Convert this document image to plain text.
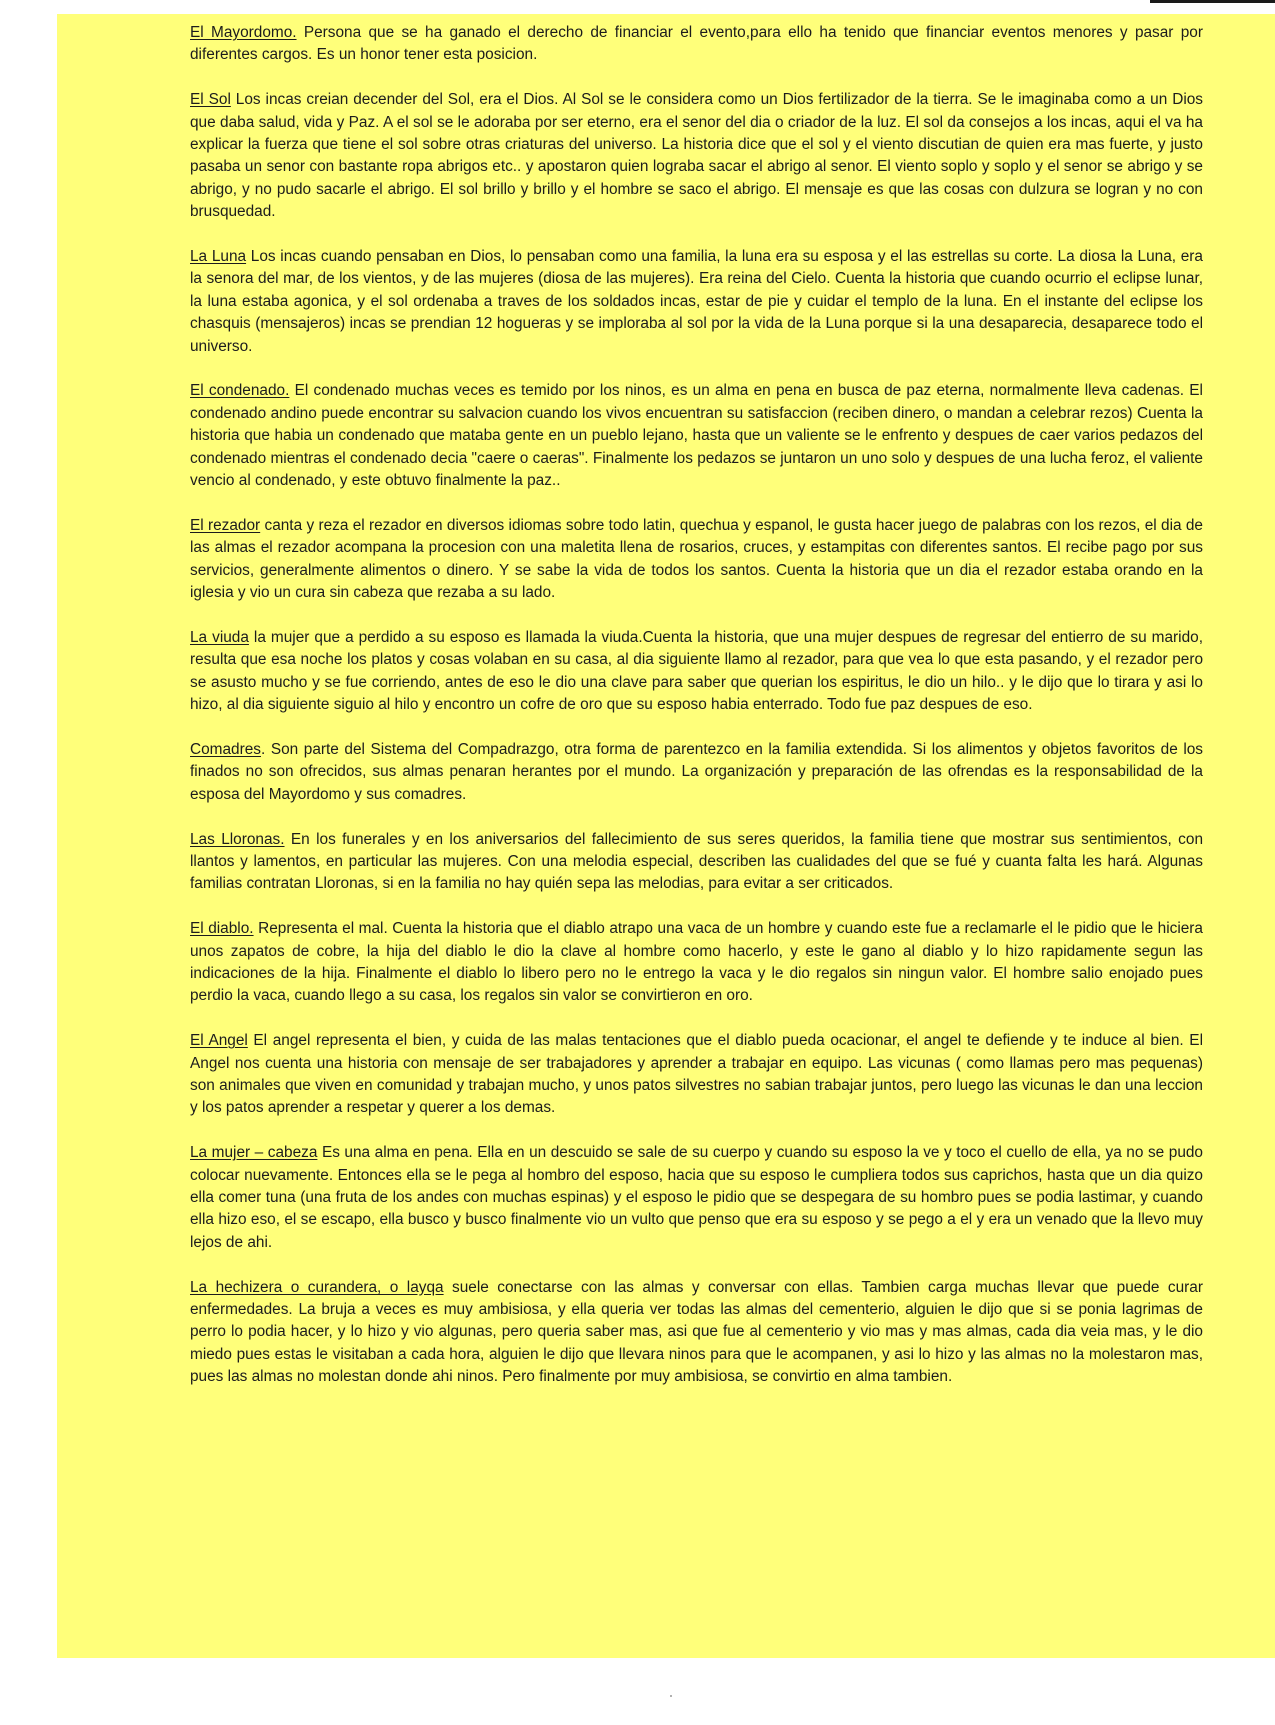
El Mayordomo. Persona que se ha ganado el derecho de financiar el evento,para ello ha tenido que financiar eventos menores y pasar por diferentes cargos. Es un honor tener esta posicion.

El Sol Los incas creian decender del Sol, era el Dios. Al Sol se le considera como un Dios fertilizador de la tierra. Se le imaginaba como a un Dios que daba salud, vida y Paz. A el sol se le adoraba por ser eterno, era el senor del dia o criador de la luz. El sol da consejos a los incas, aqui el va ha explicar la fuerza que tiene el sol sobre otras criaturas del universo. La historia dice que el sol y el viento discutian de quien era mas fuerte, y justo pasaba un senor con bastante ropa abrigos etc.. y apostaron quien lograba sacar el abrigo al senor. El viento soplo y soplo y el senor se abrigo y se abrigo, y no pudo sacarle el abrigo. El sol brillo y brillo y el hombre se saco el abrigo. El mensaje es que las cosas con dulzura se logran y no con brusquedad.

La Luna Los incas cuando pensaban en Dios, lo pensaban como una familia, la luna era su esposa y el las estrellas su corte. La diosa la Luna, era la senora del mar, de los vientos, y de las mujeres (diosa de las mujeres). Era reina del Cielo. Cuenta la historia que cuando ocurrio el eclipse lunar, la luna estaba agonica, y el sol ordenaba a traves de los soldados incas, estar de pie y cuidar el templo de la luna. En el instante del eclipse los chasquis (mensajeros) incas se prendian 12 hogueras y se imploraba al sol por la vida de la Luna porque si la una desaparecia, desaparece todo el universo.

El condenado. El condenado muchas veces es temido por los ninos, es un alma en pena en busca de paz eterna, normalmente lleva cadenas. El condenado andino puede encontrar su salvacion cuando los vivos encuentran su satisfaccion (reciben dinero, o mandan a celebrar rezos) Cuenta la historia que habia un condenado que mataba gente en un pueblo lejano, hasta que un valiente se le enfrento y despues de caer varios pedazos del condenado mientras el condenado decia "caere o caeras". Finalmente los pedazos se juntaron un uno solo y despues de una lucha feroz, el valiente vencio al condenado, y este obtuvo finalmente la paz..

El rezador canta y reza el rezador en diversos idiomas sobre todo latin, quechua y espanol, le gusta hacer juego de palabras con los rezos, el dia de las almas el rezador acompana la procesion con una maletita llena de rosarios, cruces, y estampitas con diferentes santos. El recibe pago por sus servicios, generalmente alimentos o dinero. Y se sabe la vida de todos los santos. Cuenta la historia que un dia el rezador estaba orando en la iglesia y vio un cura sin cabeza que rezaba a su lado.

La viuda la mujer que a perdido a su esposo es llamada la viuda.Cuenta la historia, que una mujer despues de regresar del entierro de su marido, resulta que esa noche los platos y cosas volaban en su casa, al dia siguiente llamo al rezador, para que vea lo que esta pasando, y el rezador pero se asusto mucho y se fue corriendo, antes de eso le dio una clave para saber que querian los espiritus, le dio un hilo.. y le dijo que lo tirara y asi lo hizo, al dia siguiente siguio al hilo y encontro un cofre de oro que su esposo habia enterrado. Todo fue paz despues de eso.

Comadres. Son parte del Sistema del Compadrazgo, otra forma de parentezco en la familia extendida. Si los alimentos y objetos favoritos de los finados no son ofrecidos, sus almas penaran herantes por el mundo. La organización y preparación de las ofrendas es la responsabilidad de la esposa del Mayordomo y sus comadres.

Las Lloronas. En los funerales y en los aniversarios del fallecimiento de sus seres queridos, la familia tiene que mostrar sus sentimientos, con llantos y lamentos, en particular las mujeres. Con una melodia especial, describen las cualidades del que se fué y cuanta falta les hará. Algunas familias contratan Lloronas, si en la familia no hay quién sepa las melodias, para evitar a ser criticados.

El diablo. Representa el mal. Cuenta la historia que el diablo atrapo una vaca de un hombre y cuando este fue a reclamarle el le pidio que le hiciera unos zapatos de cobre, la hija del diablo le dio la clave al hombre como hacerlo, y este le gano al diablo y lo hizo rapidamente segun las indicaciones de la hija. Finalmente el diablo lo libero pero no le entrego la vaca y le dio regalos sin ningun valor. El hombre salio enojado pues perdio la vaca, cuando llego a su casa, los regalos sin valor se convirtieron en oro.

El Angel El angel representa el bien, y cuida de las malas tentaciones que el diablo pueda ocacionar, el angel te defiende y te induce al bien. El Angel nos cuenta una historia con mensaje de ser trabajadores y aprender a trabajar en equipo. Las vicunas ( como llamas pero mas pequenas) son animales que viven en comunidad y trabajan mucho, y unos patos silvestres no sabian trabajar juntos, pero luego las vicunas le dan una leccion y los patos aprender a respetar y querer a los demas.

La mujer – cabeza Es una alma en pena. Ella en un descuido se sale de su cuerpo y cuando su esposo la ve y toco el cuello de ella, ya no se pudo colocar nuevamente. Entonces ella se le pega al hombro del esposo, hacia que su esposo le cumpliera todos sus caprichos, hasta que un dia quizo ella comer tuna (una fruta de los andes con muchas espinas) y el esposo le pidio que se despegara de su hombro pues se podia lastimar, y cuando ella hizo eso, el se escapo, ella busco y busco finalmente vio un vulto que penso que era su esposo y se pego a el y era un venado que la llevo muy lejos de ahi.

La hechizera o curandera, o layqa suele conectarse con las almas y conversar con ellas. Tambien carga muchas llevar que puede curar enfermedades. La bruja a veces es muy ambisiosa, y ella queria ver todas las almas del cementerio, alguien le dijo que si se ponia lagrimas de perro lo podia hacer, y lo hizo y vio algunas, pero queria saber mas, asi que fue al cementerio y vio mas y mas almas, cada dia veia mas, y le dio miedo pues estas le visitaban a cada hora, alguien le dijo que llevara ninos para que le acompanen, y asi lo hizo y las almas no la molestaron mas, pues las almas no molestan donde ahi ninos. Pero finalmente por muy ambisiosa, se convirtio en alma tambien.
